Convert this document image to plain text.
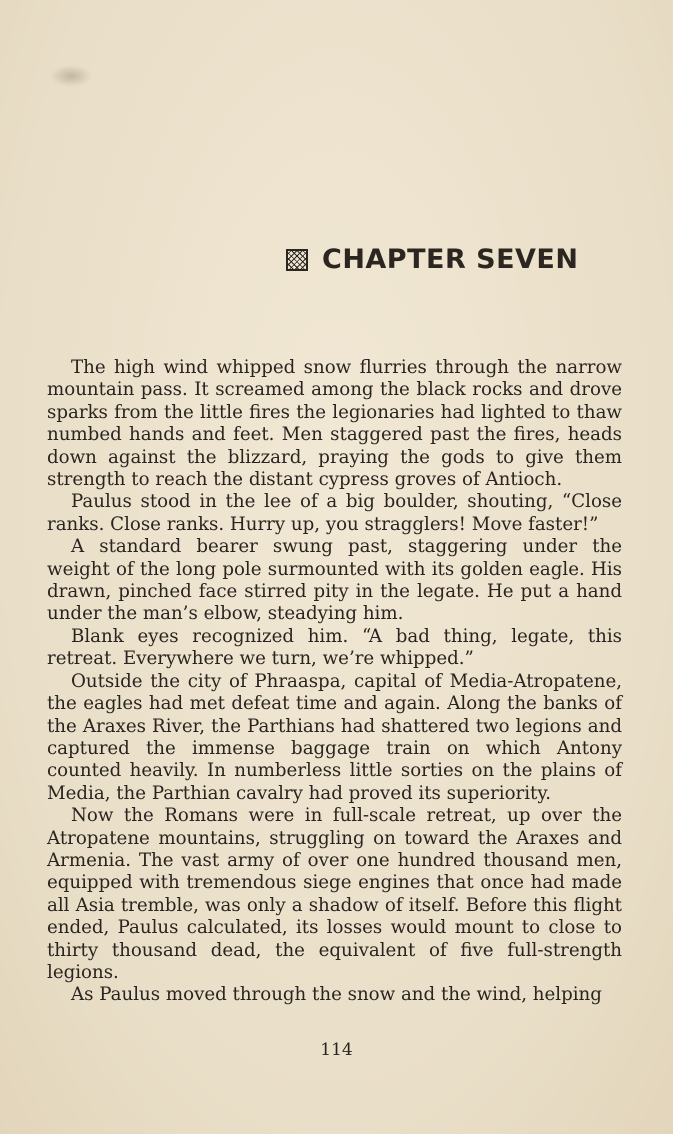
CHAPTER SEVEN

The high wind whipped snow flurries through the narrow mountain pass. It screamed among the black rocks and drove sparks from the little fires the legionaries had lighted to thaw numbed hands and feet. Men staggered past the fires, heads down against the blizzard, praying the gods to give them strength to reach the distant cypress groves of Antioch.

Paulus stood in the lee of a big boulder, shouting, “Close ranks. Close ranks. Hurry up, you stragglers! Move faster!”

A standard bearer swung past, staggering under the weight of the long pole surmounted with its golden eagle. His drawn, pinched face stirred pity in the legate. He put a hand under the man’s elbow, steadying him.

Blank eyes recognized him. “A bad thing, legate, this retreat. Everywhere we turn, we’re whipped.”

Outside the city of Phraaspa, capital of Media-Atropatene, the eagles had met defeat time and again. Along the banks of the Araxes River, the Parthians had shattered two legions and captured the immense baggage train on which Antony counted heavily. In numberless little sorties on the plains of Media, the Parthian cavalry had proved its superiority.

Now the Romans were in full-scale retreat, up over the Atropatene mountains, struggling on toward the Araxes and Armenia. The vast army of over one hundred thousand men, equipped with tremendous siege engines that once had made all Asia tremble, was only a shadow of itself. Before this flight ended, Paulus calculated, its losses would mount to close to thirty thousand dead, the equivalent of five full-strength legions.

As Paulus moved through the snow and the wind, helping

114
